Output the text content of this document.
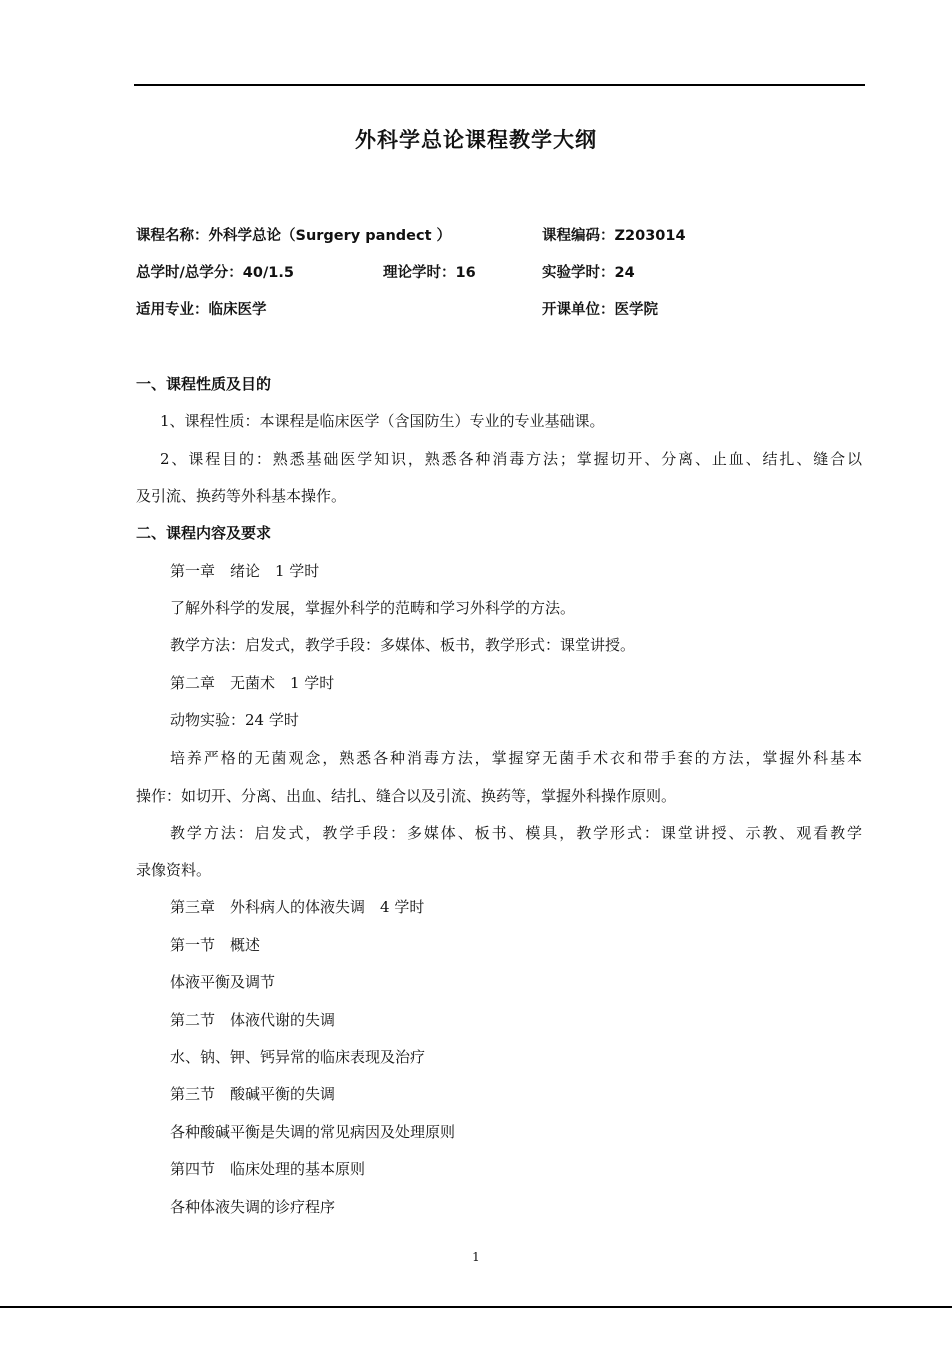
外科学总论课程教学大纲
课程名称：外科学总论（Surgery pandect ）	课程编码：Z203014
总学时/总学分：40/1.5	理论学时：16	实验学时：24
适用专业：临床医学	开课单位：医学院
一、课程性质及目的
1、课程性质：本课程是临床医学（含国防生）专业的专业基础课。
2、课程目的：熟悉基础医学知识，熟悉各种消毒方法；掌握切开、分离、止血、结扎、缝合以
及引流、换药等外科基本操作。
二、课程内容及要求
第一章　绪论　1 学时
了解外科学的发展，掌握外科学的范畴和学习外科学的方法。
教学方法：启发式，教学手段：多媒体、板书，教学形式：课堂讲授。
第二章　无菌术　1 学时
动物实验：24 学时
培养严格的无菌观念，熟悉各种消毒方法，掌握穿无菌手术衣和带手套的方法，掌握外科基本
操作：如切开、分离、出血、结扎、缝合以及引流、换药等，掌握外科操作原则。
教学方法：启发式，教学手段：多媒体、板书、模具，教学形式：课堂讲授、示教、观看教学
录像资料。
第三章　外科病人的体液失调　4 学时
第一节　概述
体液平衡及调节
第二节　体液代谢的失调
水、钠、钾、钙异常的临床表现及治疗
第三节　酸碱平衡的失调
各种酸碱平衡是失调的常见病因及处理原则
第四节　临床处理的基本原则
各种体液失调的诊疗程序
1
